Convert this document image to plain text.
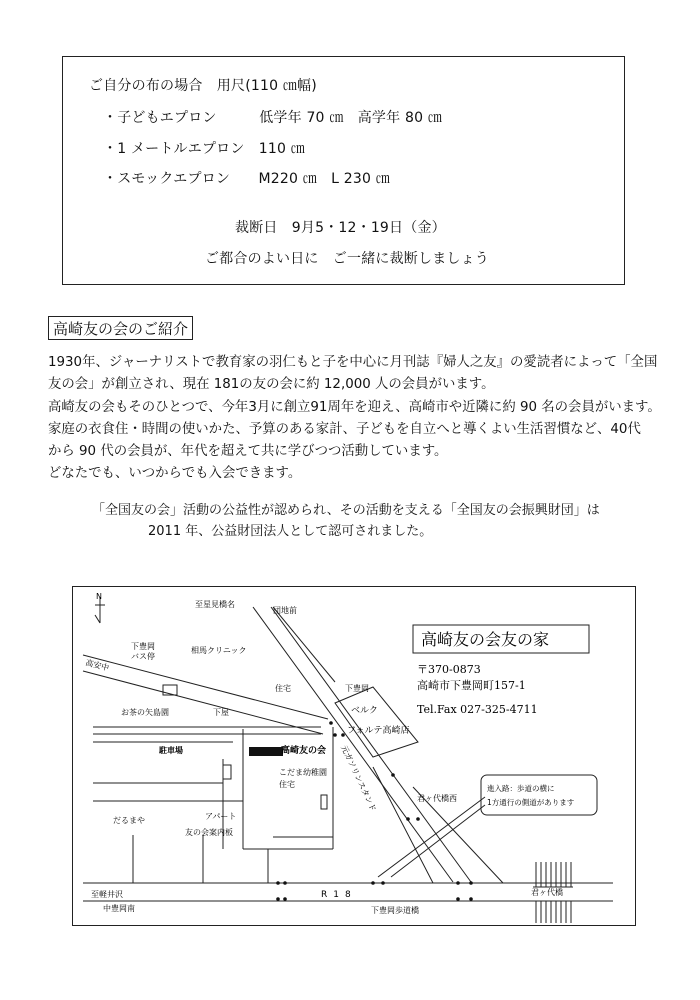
ご自分の布の場合　用尺(110 ㎝幅)
・子どもエプロン　　　低学年 70 ㎝　高学年 80 ㎝
・1 メートルエプロン　110 ㎝
・スモックエプロン　　M220 ㎝　L 230 ㎝
裁断日　9月5・12・19日（金）
ご都合のよい日に　ご一緒に裁断しましょう
高崎友の会のご紹介
1930年、ジャーナリストで教育家の羽仁もと子を中心に月刊誌『婦人之友』の愛読者によって「全国
友の会」が創立され、現在 181の友の会に約 12,000 人の会員がいます。
高崎友の会もそのひとつで、今年3月に創立91周年を迎え、高崎市や近隣に約 90 名の会員がいます。
家庭の衣食住・時間の使いかた、予算のある家計、子どもを自立へと導くよい生活習慣など、40代
から 90 代の会員が、年代を超えて共に学びつつ活動しています。
どなたでも、いつからでも入会できます。
「全国友の会」活動の公益性が認められ、その活動を支える「全国友の会振興財団」は
2011 年、公益財団法人として認可されました。
N
至星見橋名
団地前
下豊岡
バス停
相馬クリニック
高安中
住宅	下豊岡
お茶の矢島園	下屋
駐車場	高崎友の会
こだま幼稚園
住宅	元ガソリンスタンド
ベルク
フォルテ高崎店
君ヶ代橋西
進入路：歩道の横に
1方通行の側道があります
だるまや	アパート
友の会案内板
至軽井沢
中豊岡南
R18
下豊岡歩道橋
君ヶ代橋
高崎友の会友の家
〒370-0873
高崎市下豊岡町157-1
Tel.Fax 027-325-4711
